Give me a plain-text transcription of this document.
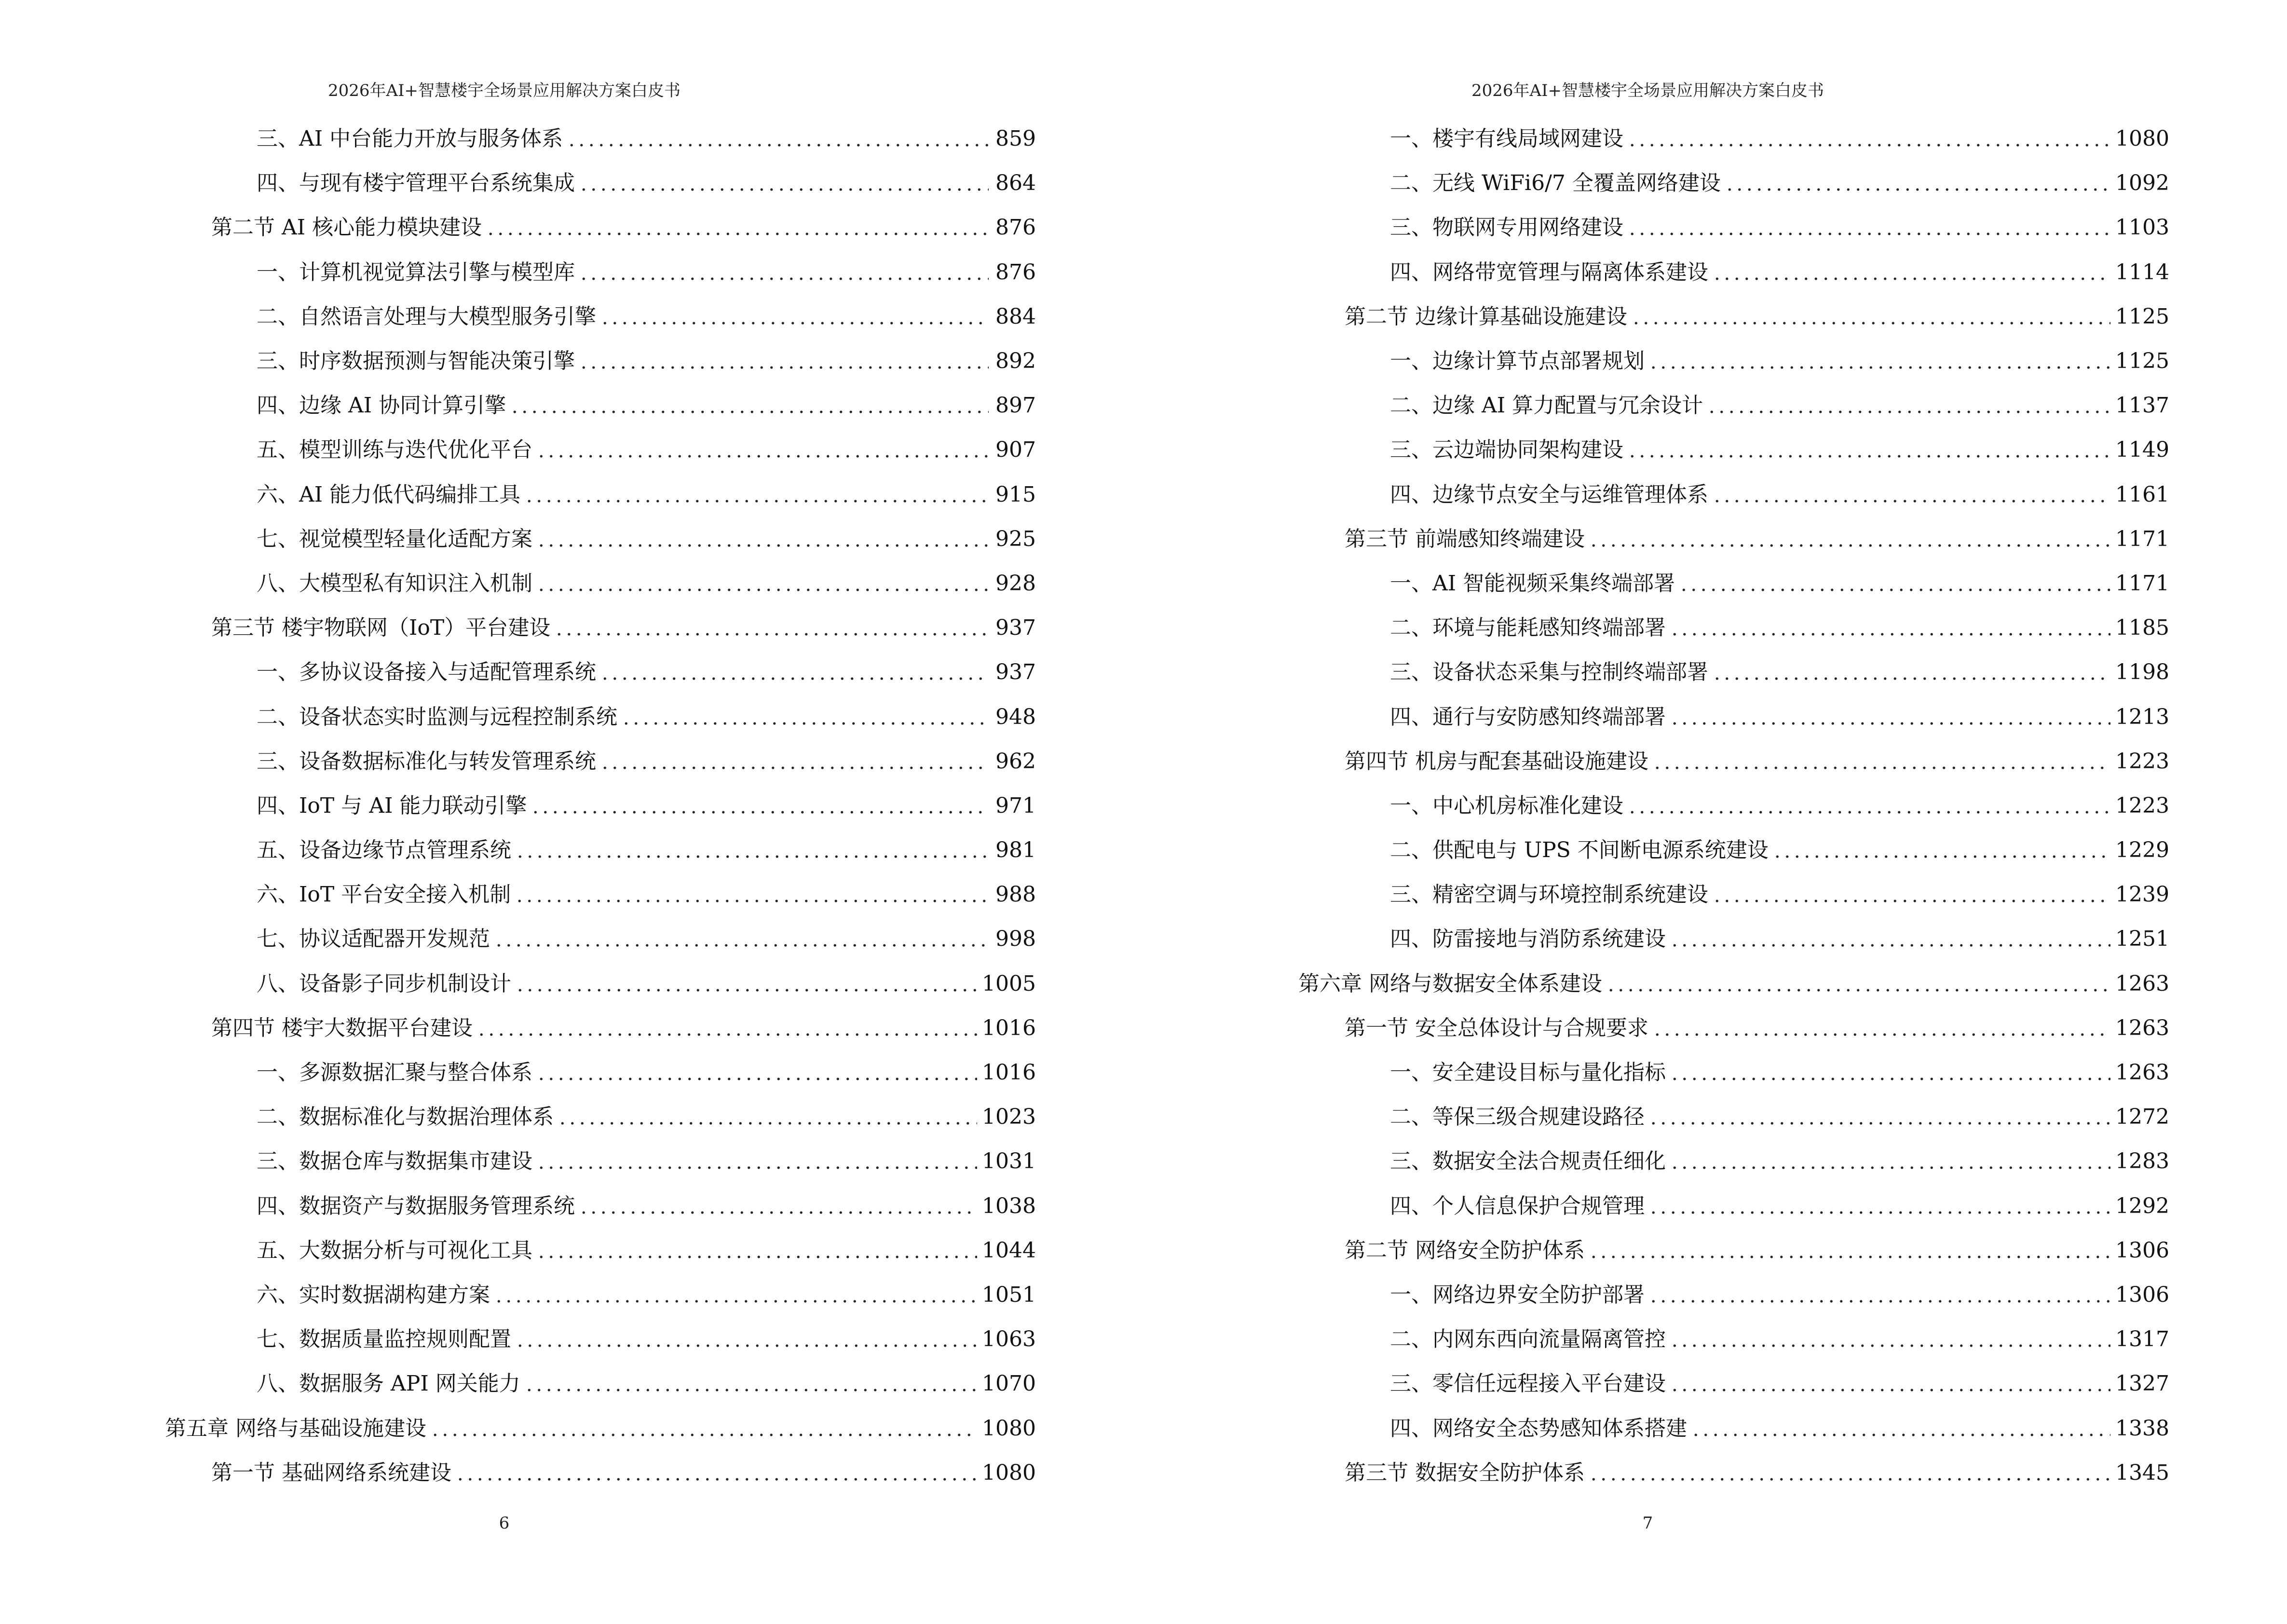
2026年AI+智慧楼宇全场景应用解决方案白皮书
三、AI 中台能力开放与服务体系	859
四、与现有楼宇管理平台系统集成	864
第二节 AI 核心能力模块建设	876
一、计算机视觉算法引擎与模型库	876
二、自然语言处理与大模型服务引擎	884
三、时序数据预测与智能决策引擎	892
四、边缘 AI 协同计算引擎	897
五、模型训练与迭代优化平台	907
六、AI 能力低代码编排工具	915
七、视觉模型轻量化适配方案	925
八、大模型私有知识注入机制	928
第三节 楼宇物联网（IoT）平台建设	937
一、多协议设备接入与适配管理系统	937
二、设备状态实时监测与远程控制系统	948
三、设备数据标准化与转发管理系统	962
四、IoT 与 AI 能力联动引擎	971
五、设备边缘节点管理系统	981
六、IoT 平台安全接入机制	988
七、协议适配器开发规范	998
八、设备影子同步机制设计	1005
第四节 楼宇大数据平台建设	1016
一、多源数据汇聚与整合体系	1016
二、数据标准化与数据治理体系	1023
三、数据仓库与数据集市建设	1031
四、数据资产与数据服务管理系统	1038
五、大数据分析与可视化工具	1044
六、实时数据湖构建方案	1051
七、数据质量监控规则配置	1063
八、数据服务 API 网关能力	1070
第五章 网络与基础设施建设	1080
第一节 基础网络系统建设	1080
6
2026年AI+智慧楼宇全场景应用解决方案白皮书
一、楼宇有线局域网建设	1080
二、无线 WiFi6/7 全覆盖网络建设	1092
三、物联网专用网络建设	1103
四、网络带宽管理与隔离体系建设	1114
第二节 边缘计算基础设施建设	1125
一、边缘计算节点部署规划	1125
二、边缘 AI 算力配置与冗余设计	1137
三、云边端协同架构建设	1149
四、边缘节点安全与运维管理体系	1161
第三节 前端感知终端建设	1171
一、AI 智能视频采集终端部署	1171
二、环境与能耗感知终端部署	1185
三、设备状态采集与控制终端部署	1198
四、通行与安防感知终端部署	1213
第四节 机房与配套基础设施建设	1223
一、中心机房标准化建设	1223
二、供配电与 UPS 不间断电源系统建设	1229
三、精密空调与环境控制系统建设	1239
四、防雷接地与消防系统建设	1251
第六章 网络与数据安全体系建设	1263
第一节 安全总体设计与合规要求	1263
一、安全建设目标与量化指标	1263
二、等保三级合规建设路径	1272
三、数据安全法合规责任细化	1283
四、个人信息保护合规管理	1292
第二节 网络安全防护体系	1306
一、网络边界安全防护部署	1306
二、内网东西向流量隔离管控	1317
三、零信任远程接入平台建设	1327
四、网络安全态势感知体系搭建	1338
第三节 数据安全防护体系	1345
7
